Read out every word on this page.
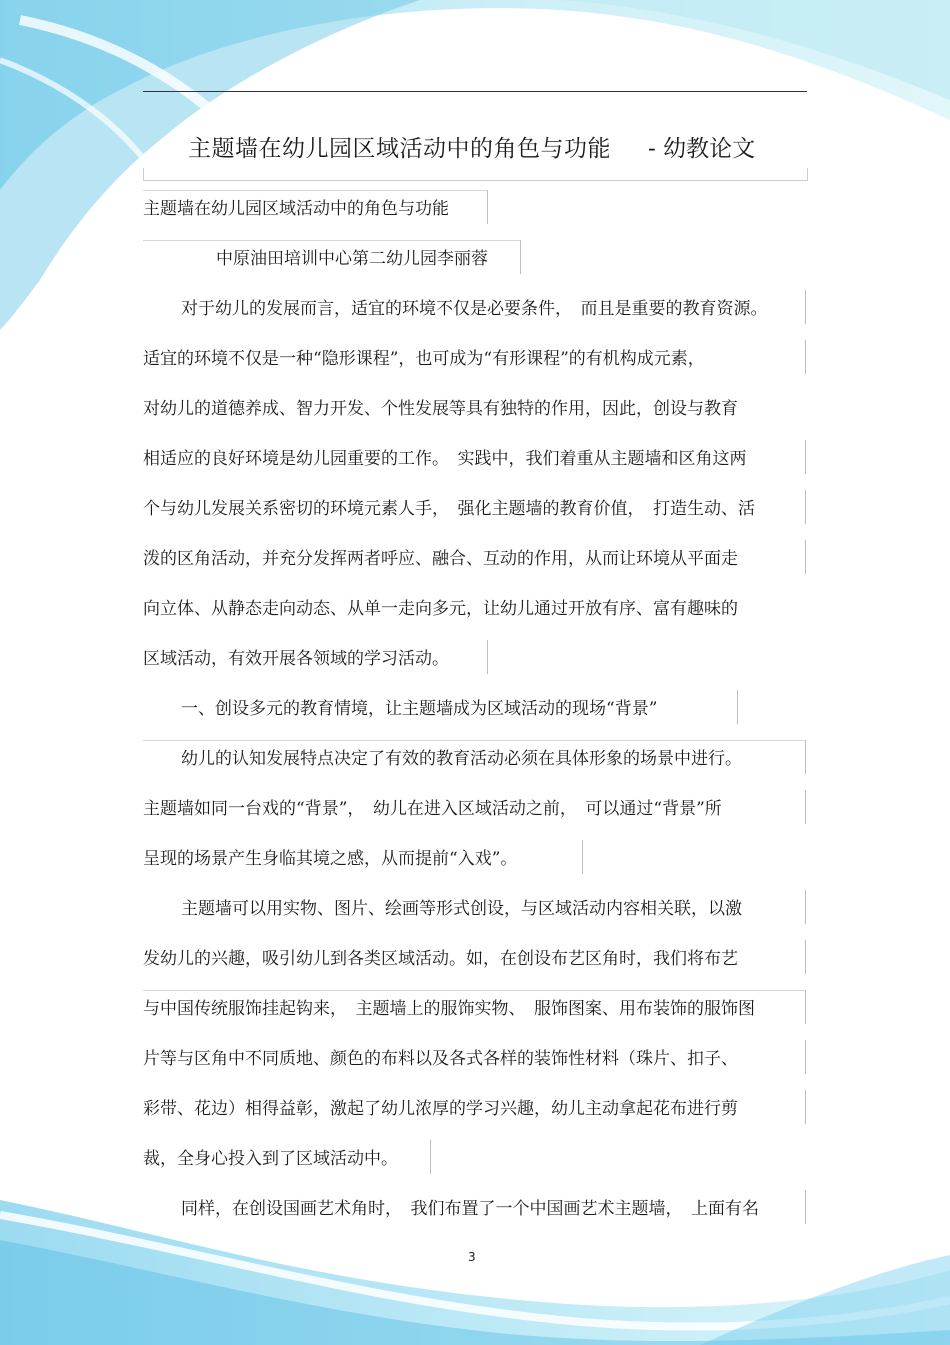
主题墙在幼儿园区域活动中的角色与功能 - 幼教论文
主题墙在幼儿园区域活动中的角色与功能
中原油田培训中心第二幼儿园李丽蓉
对于幼儿的发展而言，适宜的环境不仅是必要条件，　而且是重要的教育资源。
适宜的环境不仅是一种“隐形课程”，也可成为“有形课程”的有机构成元素，
对幼儿的道德养成、智力开发、个性发展等具有独特的作用，因此，创设与教育
相适应的良好环境是幼儿园重要的工作。　实践中，我们着重从主题墙和区角这两
个与幼儿发展关系密切的环境元素人手，　强化主题墙的教育价值，　打造生动、活
泼的区角活动，并充分发挥两者呼应、融合、互动的作用，从而让环境从平面走
向立体、从静态走向动态、从单一走向多元，让幼儿通过开放有序、富有趣味的
区域活动，有效开展各领域的学习活动。
一、创设多元的教育情境，让主题墙成为区域活动的现场“背景”
幼儿的认知发展特点决定了有效的教育活动必须在具体形象的场景中进行。
主题墙如同一台戏的“背景”，　幼儿在进入区域活动之前，　可以通过“背景”所
呈现的场景产生身临其境之感，从而提前“入戏”。
主题墙可以用实物、图片、绘画等形式创设，与区域活动内容相关联，以激
发幼儿的兴趣，吸引幼儿到各类区域活动。如，在创设布艺区角时，我们将布艺
与中国传统服饰挂起钩来，　主题墙上的服饰实物、　服饰图案、用布装饰的服饰图
片等与区角中不同质地、颜色的布料以及各式各样的装饰性材料（珠片、扣子、
彩带、花边）相得益彰，激起了幼儿浓厚的学习兴趣，幼儿主动拿起花布进行剪
裁，全身心投入到了区域活动中。
同样，在创设国画艺术角时，　我们布置了一个中国画艺术主题墙，　上面有名
3
